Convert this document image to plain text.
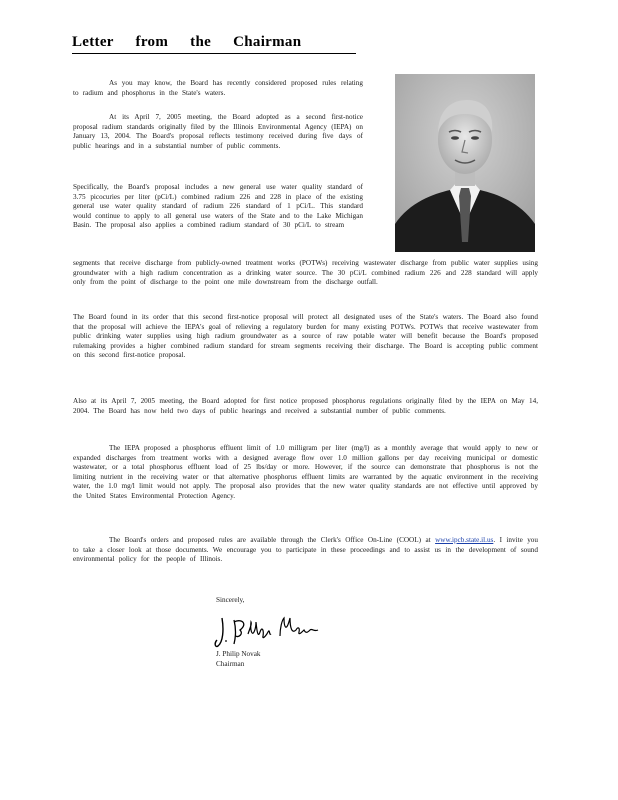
Letter from the Chairman

As you may know, the Board has recently considered proposed rules relating to radium and phosphorus in the State's waters.

At its April 7, 2005 meeting, the Board adopted as a second first-notice proposal radium standards originally filed by the Illinois Environmental Agency (IEPA) on January 13, 2004. The Board's proposal reflects testimony received during five days of public hearings and in a substantial number of public comments.

Specifically, the Board's proposal includes a new general use water quality standard of 3.75 picocuries per liter (pCi/L) combined radium 226 and 228 in place of the existing general use water quality standard of radium 226 standard of 1 pCi/L. This standard would continue to apply to all general use waters of the State and to the Lake Michigan Basin. The proposal also applies a combined radium standard of 30 pCi/L to stream

segments that receive discharge from publicly-owned treatment works (POTWs) receiving wastewater discharge from public water supplies using groundwater with a high radium concentration as a drinking water source. The 30 pCi/L combined radium 226 and 228 standard will apply only from the point of discharge to the point one mile downstream from the discharge outfall.

The Board found in its order that this second first-notice proposal will protect all designated uses of the State's waters. The Board also found that the proposal will achieve the IEPA's goal of relieving a regulatory burden for many existing POTWs. POTWs that receive wastewater from public drinking water supplies using high radium groundwater as a source of raw potable water will benefit because the Board's proposed rulemaking provides a higher combined radium standard for stream segments receiving their discharge. The Board is accepting public comment on this second first-notice proposal.

Also at its April 7, 2005 meeting, the Board adopted for first notice proposed phosphorus regulations originally filed by the IEPA on May 14, 2004. The Board has now held two days of public hearings and received a substantial number of public comments.

The IEPA proposed a phosphorus effluent limit of 1.0 milligram per liter (mg/l) as a monthly average that would apply to new or expanded discharges from treatment works with a designed average flow over 1.0 million gallons per day receiving municipal or domestic wastewater, or a total phosphorus effluent load of 25 lbs/day or more. However, if the source can demonstrate that phosphorus is not the limiting nutrient in the receiving water or that alternative phosphorus effluent limits are warranted by the aquatic environment in the receiving water, the 1.0 mg/l limit would not apply. The proposal also provides that the new water quality standards are not effective until approved by the United States Environmental Protection Agency.

The Board's orders and proposed rules are available through the Clerk's Office On-Line (COOL) at www.ipcb.state.il.us. I invite you to take a closer look at those documents. We encourage you to participate in these proceedings and to assist us in the development of sound environmental policy for the people of Illinois.

Sincerely,
J. Philip Novak
Chairman
